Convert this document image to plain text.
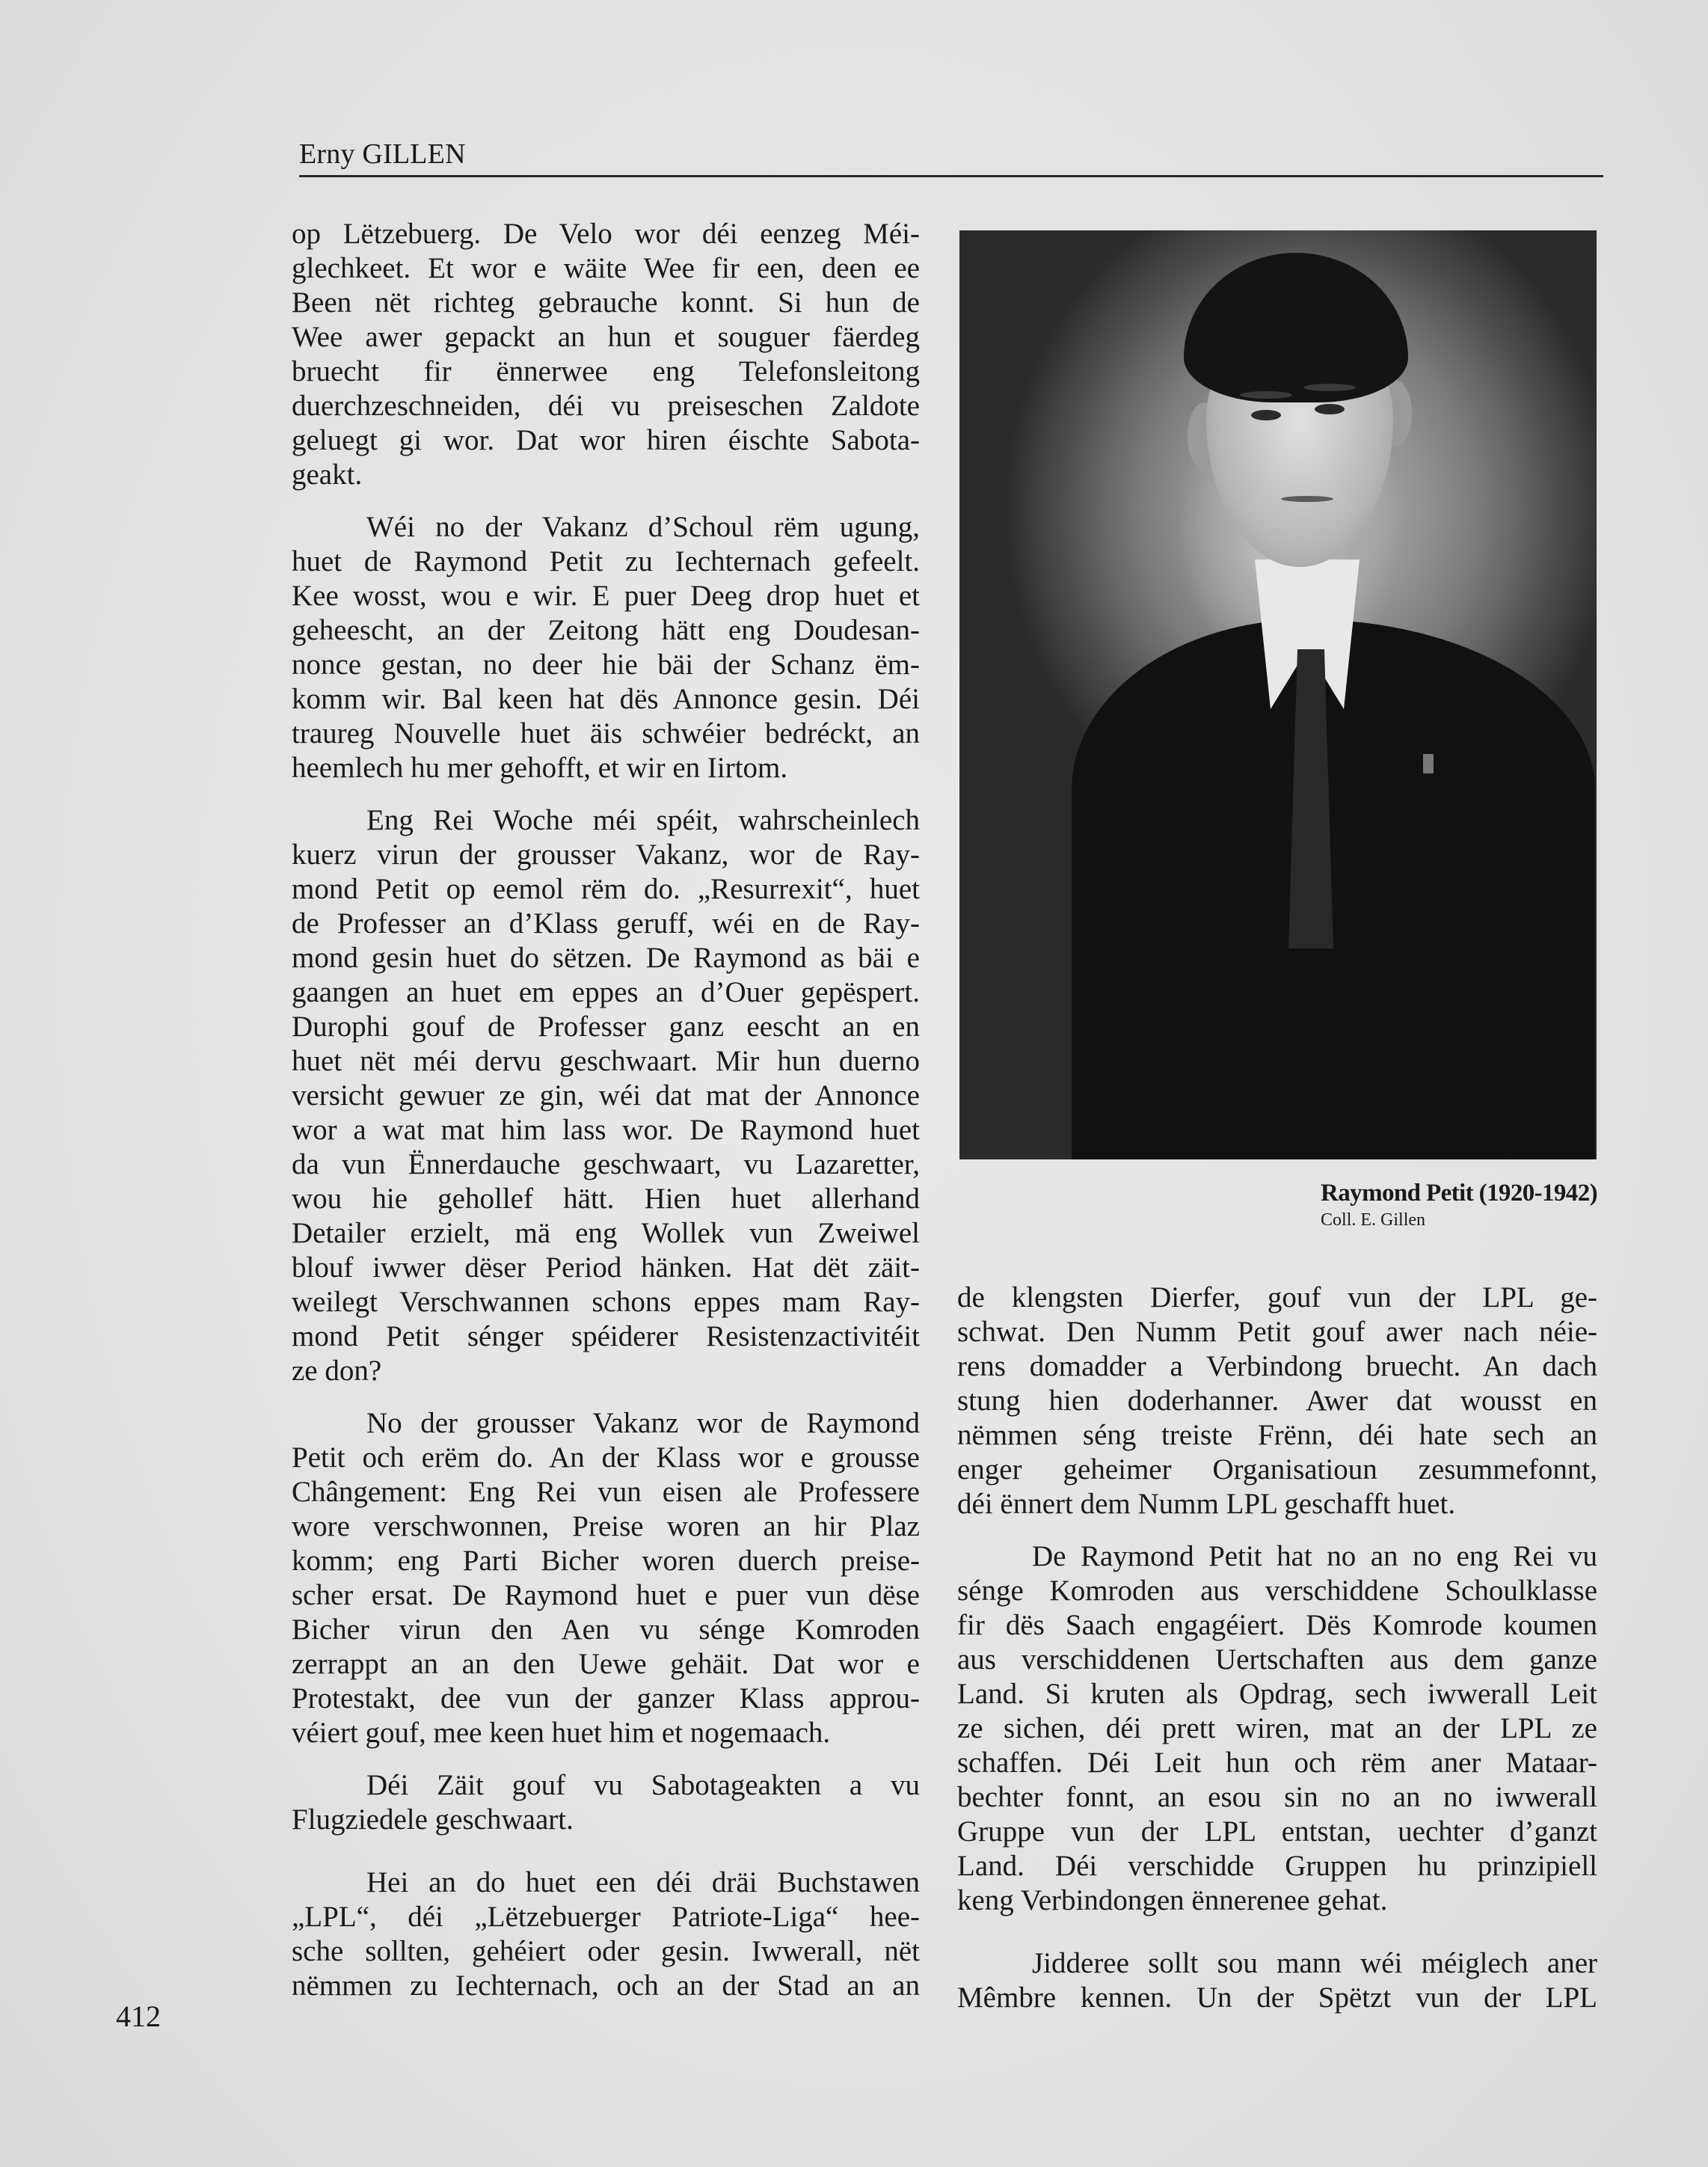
Erny GILLEN
op Lëtzebuerg. De Velo wor déi eenzeg Méi-
glechkeet. Et wor e wäite Wee fir een, deen ee
Been nët richteg gebrauche konnt. Si hun de
Wee awer gepackt an hun et souguer fäerdeg
bruecht fir ënnerwee eng Telefonsleitong
duerchzeschneiden, déi vu preiseschen Zaldote
geluegt gi wor. Dat wor hiren éischte Sabota-
geakt.
Wéi no der Vakanz d’Schoul rëm ugung,
huet de Raymond Petit zu Iechternach gefeelt.
Kee wosst, wou e wir. E puer Deeg drop huet et
geheescht, an der Zeitong hätt eng Doudesan-
nonce gestan, no deer hie bäi der Schanz ëm-
komm wir. Bal keen hat dës Annonce gesin. Déi
traureg Nouvelle huet äis schwéier bedréckt, an
heemlech hu mer gehofft, et wir en Iirtom.
Eng Rei Woche méi spéit, wahrscheinlech
kuerz virun der grousser Vakanz, wor de Ray-
mond Petit op eemol rëm do. „Resurrexit“, huet
de Professer an d’Klass geruff, wéi en de Ray-
mond gesin huet do sëtzen. De Raymond as bäi e
gaangen an huet em eppes an d’Ouer gepëspert.
Durophi gouf de Professer ganz eescht an en
huet nët méi dervu geschwaart. Mir hun duerno
versicht gewuer ze gin, wéi dat mat der Annonce
wor a wat mat him lass wor. De Raymond huet
da vun Ënnerdauche geschwaart, vu Lazaretter,
wou hie gehollef hätt. Hien huet allerhand
Detailer erzielt, mä eng Wollek vun Zweiwel
blouf iwwer dëser Period hänken. Hat dët zäit-
weilegt Verschwannen schons eppes mam Ray-
mond Petit sénger spéiderer Resistenzactivitéit
ze don?
No der grousser Vakanz wor de Raymond
Petit och erëm do. An der Klass wor e grousse
Chângement: Eng Rei vun eisen ale Professere
wore verschwonnen, Preise woren an hir Plaz
komm; eng Parti Bicher woren duerch preise-
scher ersat. De Raymond huet e puer vun dëse
Bicher virun den Aen vu sénge Komroden
zerrappt an an den Uewe gehäit. Dat wor e
Protestakt, dee vun der ganzer Klass approu-
véiert gouf, mee keen huet him et nogemaach.
Déi Zäit gouf vu Sabotageakten a vu
Flugziedele geschwaart.
Hei an do huet een déi dräi Buchstawen
„LPL“, déi „Lëtzebuerger Patriote-Liga“ hee-
sche sollten, gehéiert oder gesin. Iwwerall, nët
nëmmen zu Iechternach, och an der Stad an an
Raymond Petit (1920-1942)
Coll. E. Gillen
de klengsten Dierfer, gouf vun der LPL ge-
schwat. Den Numm Petit gouf awer nach néie-
rens domadder a Verbindong bruecht. An dach
stung hien doderhanner. Awer dat wousst en
nëmmen séng treiste Frënn, déi hate sech an
enger geheimer Organisatioun zesummefonnt,
déi ënnert dem Numm LPL geschafft huet.
De Raymond Petit hat no an no eng Rei vu
sénge Komroden aus verschiddene Schoulklasse
fir dës Saach engagéiert. Dës Komrode koumen
aus verschiddenen Uertschaften aus dem ganze
Land. Si kruten als Opdrag, sech iwwerall Leit
ze sichen, déi prett wiren, mat an der LPL ze
schaffen. Déi Leit hun och rëm aner Mataar-
bechter fonnt, an esou sin no an no iwwerall
Gruppe vun der LPL entstan, uechter d’ganzt
Land. Déi verschidde Gruppen hu prinzipiell
keng Verbindongen ënnerenee gehat.
Jidderee sollt sou mann wéi méiglech aner
Mêmbre kennen. Un der Spëtzt vun der LPL
412
